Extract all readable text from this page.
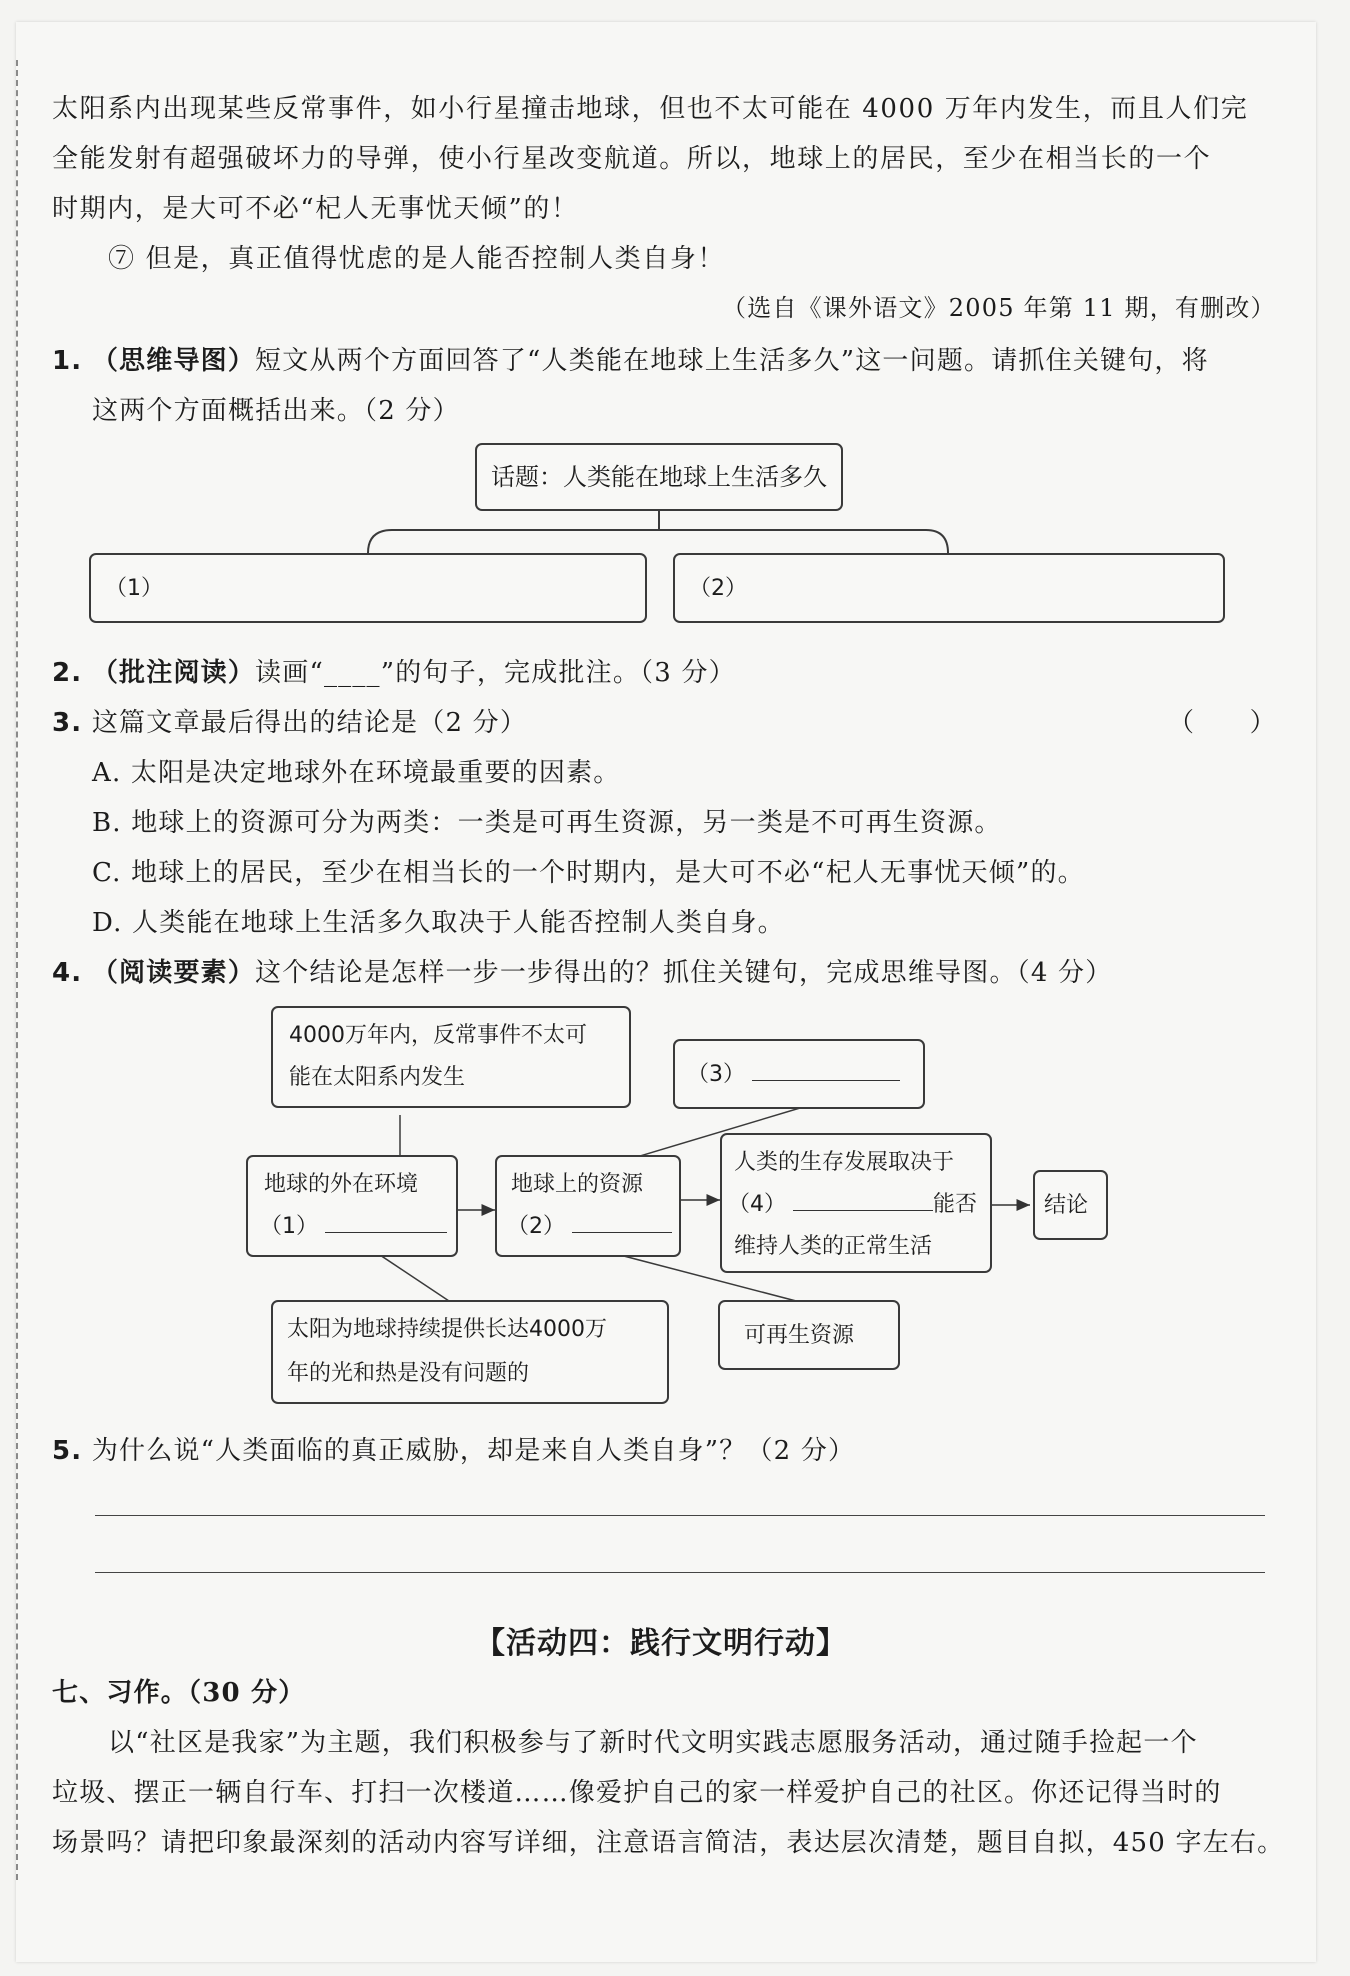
太阳系内出现某些反常事件，如小行星撞击地球，但也不太可能在 4000 万年内发生，而且人们完
全能发射有超强破坏力的导弹，使小行星改变航道。所以，地球上的居民，至少在相当长的一个
时期内，是大可不必“杞人无事忧天倾”的！
⑦ 但是，真正值得忧虑的是人能否控制人类自身！
（选自《课外语文》2005 年第 11 期，有删改）
1. （思维导图）短文从两个方面回答了“人类能在地球上生活多久”这一问题。请抓住关键句，将
这两个方面概括出来。（2 分）
话题：人类能在地球上生活多久
（1）	（2）
2. （批注阅读）读画“____”的句子，完成批注。（3 分）
3. 这篇文章最后得出的结论是（2 分）	（　　）
A. 太阳是决定地球外在环境最重要的因素。
B. 地球上的资源可分为两类：一类是可再生资源，另一类是不可再生资源。
C. 地球上的居民，至少在相当长的一个时期内，是大可不必“杞人无事忧天倾”的。
D. 人类能在地球上生活多久取决于人能否控制人类自身。
4. （阅读要素）这个结论是怎样一步一步得出的？抓住关键句，完成思维导图。（4 分）
4000万年内，反常事件不太可
能在太阳系内发生	（3）
地球的外在环境
（1）
地球上的资源
（2）
人类的生存发展取决于
（4）	能否
维持人类的正常生活
结论
太阳为地球持续提供长达4000万
年的光和热是没有问题的
可再生资源
5. 为什么说“人类面临的真正威胁，却是来自人类自身”？（2 分）
【活动四：践行文明行动】
七、习作。（30 分）
以“社区是我家”为主题，我们积极参与了新时代文明实践志愿服务活动，通过随手捡起一个
垃圾、摆正一辆自行车、打扫一次楼道……像爱护自己的家一样爱护自己的社区。你还记得当时的
场景吗？请把印象最深刻的活动内容写详细，注意语言简洁，表达层次清楚，题目自拟，450 字左右。
